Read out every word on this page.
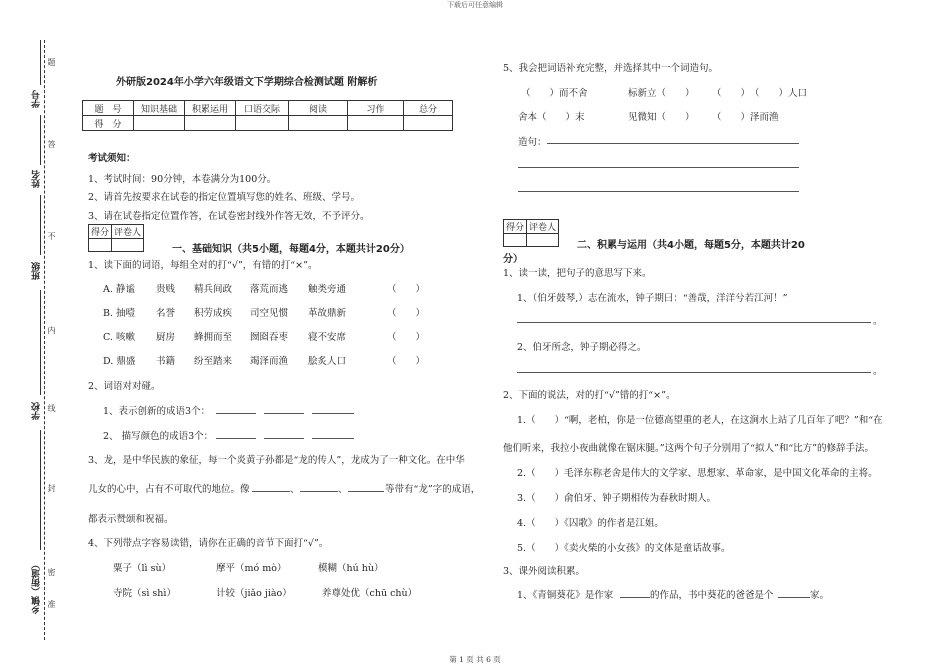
下载后可任意编辑
学号
姓名
班级
学校
乡镇（街道）
题
答
不
内
线
封
密
准
外研版2024年小学六年级语文下学期综合检测试题 附解析
题　号	知识基础	积累运用	口语交际	阅读	习作	总分
得　分						
考试须知：
1、考试时间：90分钟，本卷满分为100分。
2、请首先按要求在试卷的指定位置填写您的姓名、班级、学号。
3、请在试卷指定位置作答，在试卷密封线外作答无效，不予评分。
得分	评卷人

一、基础知识（共5小题，每题4分，本题共计20分）
1、读下面的词语，每组全对的打“√”，有错的打“×”。
A. 静谧 贵贱 精兵间政 落荒而逃 触类旁通	（　　）
B. 抽噎 名誉 积劳成疾 司空见惯 革故鼎新	（　　）
C. 咳嗽 厨房 蜂拥而至 囫囵吞枣 寝不安席	（　　）
D. 鼎盛 书籍 纷至踏来 竭泽而渔 脍炙人口	（　　）
2、词语对对碰。
1、表示创新的成语3个：
2、 描写颜色的成语3个：
3、龙，是中华民族的象征，每一个炎黄子孙都是“龙的传人”，龙成为了一种文化。在中华
儿女的心中，占有不可取代的地位。像	、	、	等带有“龙”字的成语，
都表示赞颂和祝福。
4、下列带点字容易读错，请你在正确的音节下面打“√”。
粟子（lì sù）	摩平（mó mò）	模糊（hú hù）
寺院（sì shì）	计较（jiǎo jiào）	养尊处优（chū chù）
5、我会把词语补充完整，并选择其中一个词造句。
（　　）而不舍	标新立（　　） （　　） （　　）人口
舍本（　　）末	见微知（　　） （　　）泽而渔
造句：
得分	评卷人

二、积累与运用（共4小题，每题5分，本题共计20
分）
1、读一读，把句子的意思写下来。
1、（伯牙鼓琴,）志在流水，钟子期曰：“善哉，洋洋兮若江河！”
。
2、伯牙所念，钟子期必得之。
。
2、下面的说法，对的打“√”错的打“×”。
1.（　　）“啊，老柏，你是一位德高望重的老人，在这涧水上站了几百年了吧？”和“在
他们听来，我拉小夜曲就像在锯床腿。”这两个句子分别用了“拟人”和“比方”的修辞手法。
2.（　　）毛泽东称老舍是伟大的文学家、思想家、革命家，是中国文化革命的主将。
3.（　　）俞伯牙、钟子期相传为春秋时期人。
4.（　　）《囚歌》的作者是江姐。
5.（　　）《卖火柴的小女孩》的文体是童话故事。
3、课外阅读积累。
1、《青铜葵花》是作家	的作品，书中葵花的爸爸是个	家。
第 1 页 共 6 页
